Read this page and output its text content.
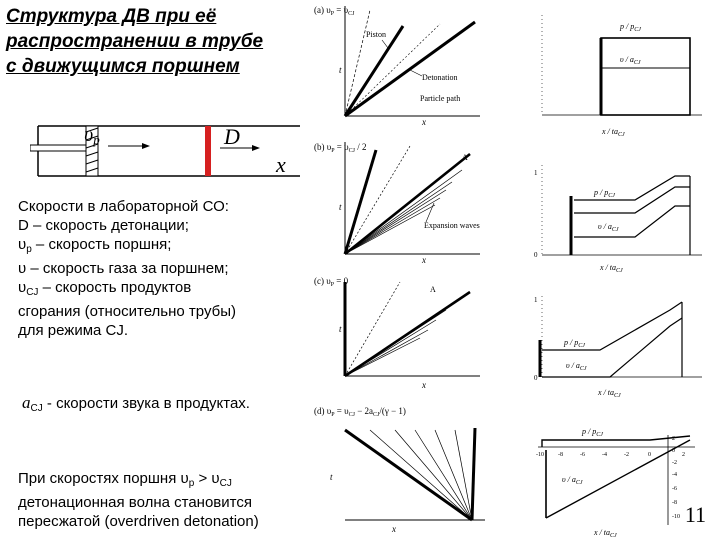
Структура ДВ при её
распространении в трубе
с движущимся поршнем
$\upsilon_p$	D
x
Скорости в лабораторной СО:
D – скорость детонации;
$\upsilon_p$ – скорость поршня;
υ – скорость газа за поршнем;
$\upsilon_{CJ}$ – скорость продуктов
сгорания (относительно трубы)
для режима CJ.
$a_{CJ}$ - скорости звука в продуктах.
При скоростях поршня $\upsilon_p > \upsilon_{CJ}$
детонационная волна становится
пересжатой (overdriven detonation)	11
(a) $\upsilon_P = \upsilon_{CJ}$
Piston
Detonation
Particle path
t
x
p / $p_{CJ}$
υ / $a_{CJ}$
x / $ta_{CJ}$
(b) $\upsilon_P = \upsilon_{CJ} / 2$
A
Expansion waves
t
x
1
0
p / $p_{CJ}$
υ / $a_{CJ}$
x / $ta_{CJ}$
(c) $\upsilon_P = 0$
A
t
x
1
0
p / $p_{CJ}$
υ / $a_{CJ}$
x / $ta_{CJ}$
(d) $\upsilon_P = \upsilon_{CJ} - 2a_{CJ}/(\gamma - 1)$
x
t
-10 -8	-6	-4	-2	0	2
2
0
-2
-4
-6
-8
-10
p / $p_{CJ}$
υ / $a_{CJ}$
x / $ta_{CJ}$
